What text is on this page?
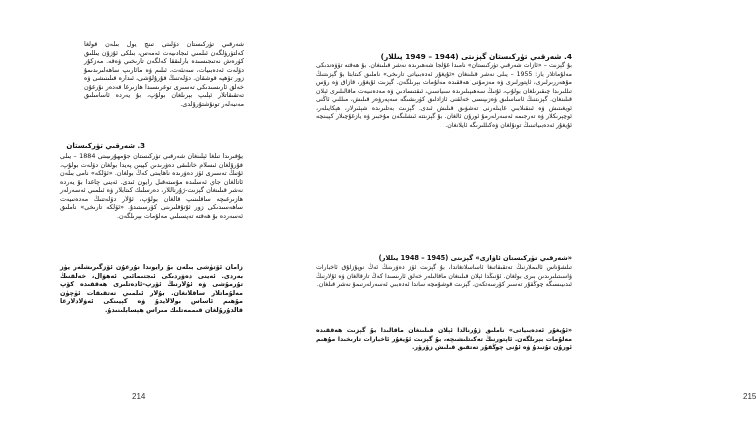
شەرقىي تۈركىستان دۆلىتى تىنچ يول بىلەن قولغا كەلتۈرۈلگەن ئىلمىي ئىجادىيەت ئەمەس، بىلكى ئۇزۇن يىللىق كۈرەش نەتىجىسىدە بارلىققا كەلگەن تارىخىي ۋەقە. مەزكۇر دۆلەت ئەدەبىيات، سەنئەت، ئىلىم ۋە مائارىپ ساھەلىرىدىمۇ زور تۆھپە قوشقان. دۆلەتنىڭ قۇرۇلۇشى، ئىدارە قىلىنىشى ۋە خەلق ئارىسىدىكى تەسىرى توغرىسىدا ھازىرغا قەدەر نۇرغۇن تەتقىقاتلار ئېلىپ بېرىلغان بولۇپ، بۇ يەردە ئاساسلىق مەنبەلەر تونۇشتۇرۇلدى.

3. شەرقىي تۈركىستان

يۇقىرىدا تىلغا ئېلىنغان شەرقىي تۈركىستان جۇمھۇرىيىتى 1884 – يىلى قۇرۇلغان ئىسلام خانلىقى دەۋرىدىن كېيىن پەيدا بولغان دۆلەت بولۇپ، ئۇنىڭ تەسىرى ئۆز دەۋرىدە ناھايىتى كەڭ بولغان. «ئۆلكە» نامى بىلەن ئاتالغان جاي ئەسلىدە مۇستەقىل رايون ئىدى. ئەينى چاغدا بۇ يەردە نەشر قىلىنغان گېزىت-ژۇرناللار، دەرسلىك كىتابلار ۋە ئىلمىي ئەسەرلەر ھازىرغىچە ساقلىنىپ قالغان بولۇپ، ئۇلار دۆلەتنىڭ مەدەنىيەت ساھەسىدىكى زور ئۇتۇقلىرىنى كۆرسىتىدۇ. «ئۆلكە تارىخى» ناملىق ئەسەردە بۇ ھەقتە تەپسىلىي مەلۇمات بېرىلگەن.

زامان ئۆتۈشى بىلەن بۇ رايوندا نۇرغۇن ئۆزگىرىشلەر يۈز بەردى. ئەينى دەۋردىكى ئىجتىمائىي ئەھۋال، خەلقنىڭ تۇرمۇشى ۋە ئۇلارنىڭ ئۆرپ-ئادەتلىرى ھەققىدە كۆپ مەلۇماتلار ساقلانغان. بۇلار ئىلمىي تەتقىقات ئۈچۈن مۇھىم ئاساس بولالايدۇ ۋە كېيىنكى ئەۋلادلارغا قالدۇرۇلغان قىممەتلىك مىراس ھېسابلىنىدۇ.

214
4. شەرقىي تۈركىستان گېزىتى (1944 – 1949 يىللار)

بۇ گېزىت – «ئازات شەرقىي تۈركىستان» نامىدا غۇلجا شەھىرىدە نەشر قىلىنغان. بۇ ھەقتە تۆۋەندىكى مەلۇماتلار بار: 1955 – يىلى نەشر قىلىنغان «ئۇيغۇر ئەدەبىياتى تارىخى» ناملىق كىتابتا بۇ گېزىتنىڭ مۇھەررىرلىرى، ئاپتورلىرى ۋە مەزمۇنى ھەققىدە مەلۇمات بېرىلگەن. گېزىت ئۇيغۇر، قازاق ۋە رۇس تىللىرىدا چىقىرىلغان بولۇپ، ئۇنىڭ سەھىپىلىرىدە سىياسىي، ئىقتىسادىي ۋە مەدەنىيەت ماقالىلىرى ئېلان قىلىنغان. گېزىتنىڭ ئاساسلىق ۋەزىپىسى خەلقنى ئازادلىق كۈرىشىگە سەپەرۋەر قىلىش، مىللىي ئاڭنى ئويغىتىش ۋە ئىنقىلابىي غايىلەرنى تەشۋىق قىلىش ئىدى. گېزىت بەتلىرىدە شېئىرلار، ھېكايىلەر، ئوچېرىكلار ۋە تەرجىمە ئەسەرلەرمۇ ئورۇن ئالغان. بۇ گېزىتتە ئىشلىگەن مۇخبىر ۋە يازغۇچىلار كېيىنچە ئۇيغۇر ئەدەبىياتىنىڭ تونۇلغان ۋەكىللىرىگە ئايلانغان.

«شەرقىي تۈركىستان ئاۋازى» گېزىتى (1945 – 1948 يىللار)

تىلشۇناس ئالىملارنىڭ تەتقىقاتىغا ئاساسلانغاندا، بۇ گېزىت ئۆز دەۋرىنىڭ ئەڭ نوپۇزلۇق ئاخبارات ۋاسىتىلىرىدىن بىرى بولغان. ئۇنىڭدا ئېلان قىلىنغان ماقالىلەر خەلق ئارىسىدا كەڭ تارقالغان ۋە ئۇلارنىڭ ئىدىيىسىگە چوڭقۇر تەسىر كۆرسەتكەن. گېزىت قوشۇمچە ساندا ئەدەبىي ئەسەرلەرنىمۇ نەشر قىلغان.

«ئۇيغۇر ئەدەبىياتى» ناملىق ژۇرنالدا ئېلان قىلىنغان ماقالىدا بۇ گېزىت ھەققىدە مەلۇمات بېرىلگەن. ئاپتورنىڭ تەكىتلىشىچە، بۇ گېزىت ئۇيغۇر ئاخبارات تارىخىدا مۇھىم ئورۇن تۇتىدۇ ۋە ئۇنى چوڭقۇر تەتقىق قىلىش زۆرۈر.

215
